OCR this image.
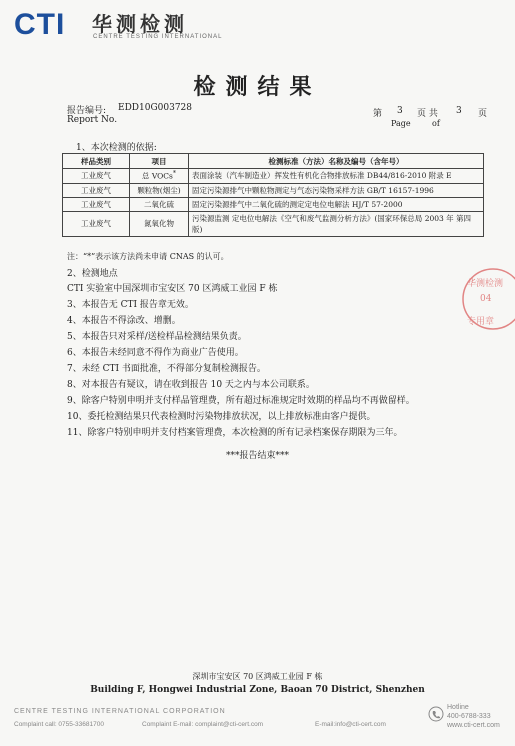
CTI 华测检测
CENTRE TESTING INTERNATIONAL
检测结果
报告编号: EDD10G003728
Report No.
第 3 页 共 3 页
Page	of
1、本次检测的依据:
样品类别	项目	检测标准（方法）名称及编号（含年号）
工业废气	总 VOCs*	表面涂装（汽车制造业）挥发性有机化合物排放标准 DB44/816-2010 附录 E
工业废气	颗粒物(烟尘)	固定污染源排气中颗粒物测定与气态污染物采样方法 GB/T 16157-1996
工业废气	二氧化硫	固定污染源排气中二氧化硫的测定定电位电解法 HJ/T 57-2000
工业废气	氮氧化物	污染源监测 定电位电解法《空气和废气监测分析方法》(国家环保总局 2003 年 第四版)
注：“*”表示该方法尚未申请 CNAS 的认可。
2、检测地点
CTI 实验室中国深圳市宝安区 70 区鸿威工业园 F 栋
3、本报告无 CTI 报告章无效。
4、本报告不得涂改、增删。
5、本报告只对采样/送检样品检测结果负责。
6、本报告未经同意不得作为商业广告使用。
7、未经 CTI 书面批准，不得部分复制检测报告。
8、对本报告有疑议，请在收到报告 10 天之内与本公司联系。
9、除客户特别申明并支付样品管理费，所有超过标准规定时效期的样品均不再做留样。
10、委托检测结果只代表检测时污染物排放状况，以上排放标准由客户提供。
11、除客户特别申明并支付档案管理费，本次检测的所有记录档案保存期限为三年。
***报告结束***
华测检测
04
专用章
深圳市宝安区 70 区鸿威工业园 F 栋
Building F, Hongwei Industrial Zone, Baoan 70 District, Shenzhen
CENTRE TESTING INTERNATIONAL CORPORATION
Complaint call: 0755-33681700	Complaint E-mail: complaint@cti-cert.com	E-mail:info@cti-cert.com
Hotline
400-6788-333
www.cti-cert.com
